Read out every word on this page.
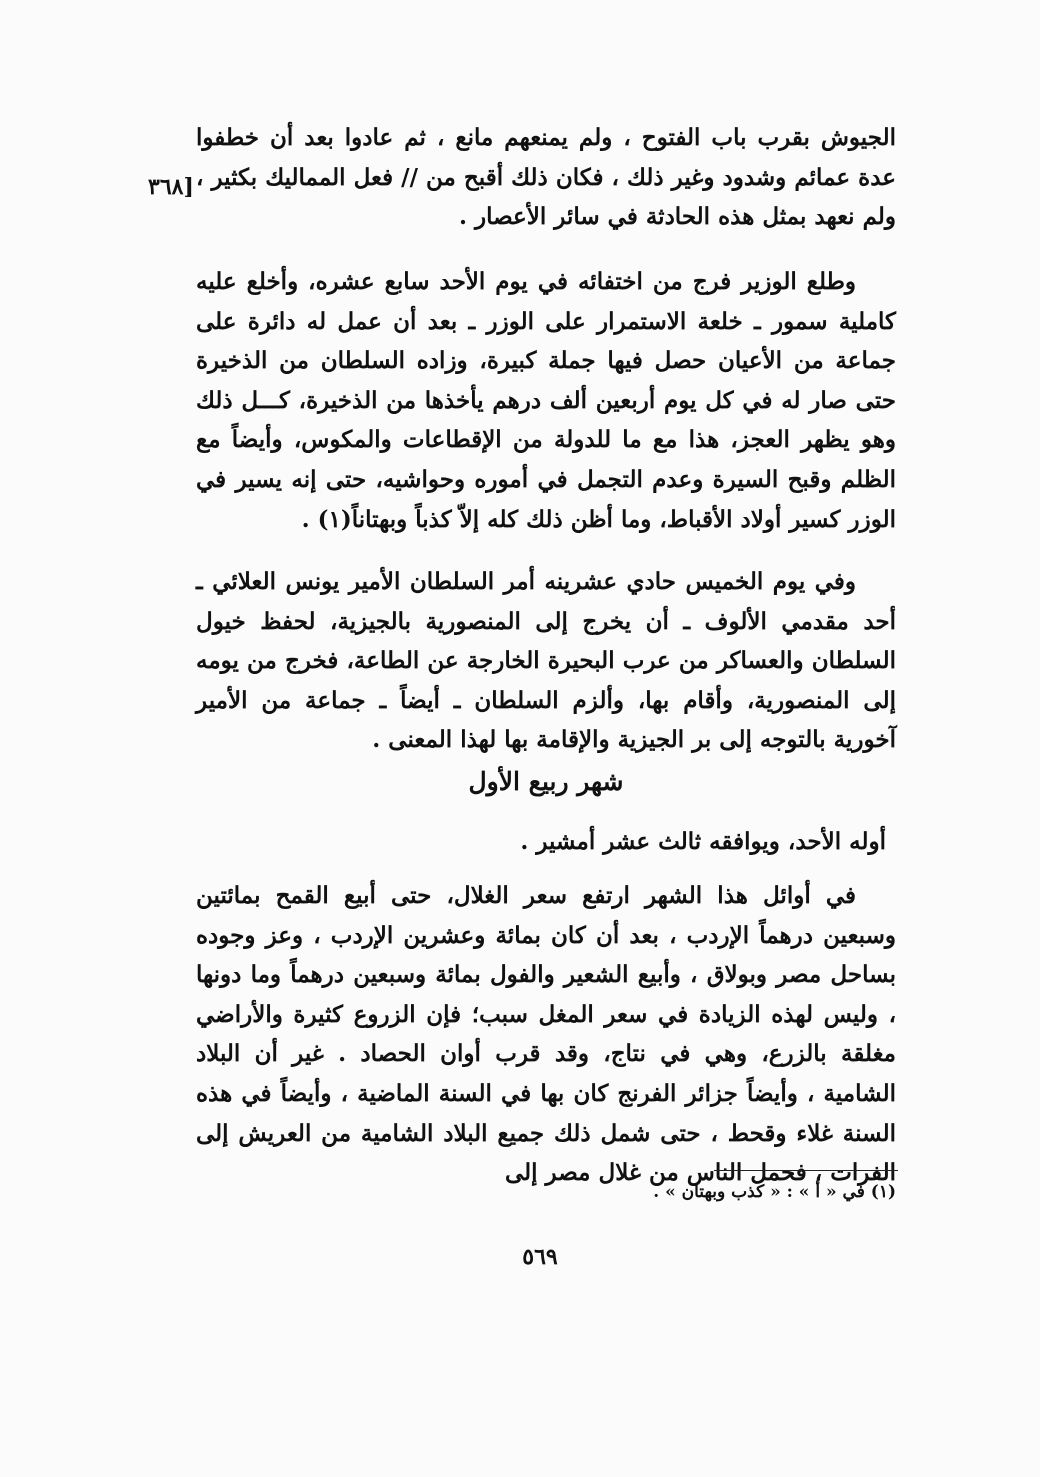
[٣٦٨
الجيوش بقرب باب الفتوح ، ولم يمنعهم مانع ، ثم عادوا بعد أن خطفوا عدة عمائم وشدود وغير ذلك ، فكان ذلك أقبح من // فعل المماليك بكثير ، ولم نعهد بمثل هذه الحادثة في سائر الأعصار .
وطلع الوزير فرج من اختفائه في يوم الأحد سابع عشره، وأخلع عليه كاملية سمور ـ خلعة الاستمرار على الوزر ـ بعد أن عمل له دائرة على جماعة من الأعيان حصل فيها جملة كبيرة، وزاده السلطان من الذخيرة حتى صار له في كل يوم أربعين ألف درهم يأخذها من الذخيرة، كـــل ذلك وهو يظهر العجز، هذا مع ما للدولة من الإقطاعات والمكوس، وأيضاً مع الظلم وقبح السيرة وعدم التجمل في أموره وحواشيه، حتى إنه يسير في الوزر كسير أولاد الأقباط، وما أظن ذلك كله إلاّ كذباً وبهتاناً(١) .
وفي يوم الخميس حادي عشرينه أمر السلطان الأمير يونس العلائي ـ أحد مقدمي الألوف ـ أن يخرج إلى المنصورية بالجيزية، لحفظ خيول السلطان والعساكر من عرب البحيرة الخارجة عن الطاعة، فخرج من يومه إلى المنصورية، وأقام بها، وألزم السلطان ـ أيضاً ـ جماعة من الأمير آخورية بالتوجه إلى بر الجيزية والإقامة بها لهذا المعنى .
شهر ربيع الأول
أوله الأحد، ويوافقه ثالث عشر أمشير .
في أوائل هذا الشهر ارتفع سعر الغلال، حتى أبيع القمح بمائتين وسبعين درهماً الإردب ، بعد أن كان بمائة وعشرين الإردب ، وعز وجوده بساحل مصر وبولاق ، وأبيع الشعير والفول بمائة وسبعين درهماً وما دونها ، وليس لهذه الزيادة في سعر المغل سبب؛ فإن الزروع كثيرة والأراضي مغلقة بالزرع، وهي في نتاج، وقد قرب أوان الحصاد . غير أن البلاد الشامية ، وأيضاً جزائر الفرنج كان بها في السنة الماضية ، وأيضاً في هذه السنة غلاء وقحط ، حتى شمل ذلك جميع البلاد الشامية من العريش إلى الفرات ، فحمل الناس من غلال مصر إلى
(١) في « أ » : « كذب وبهتان » .
٥٦٩
